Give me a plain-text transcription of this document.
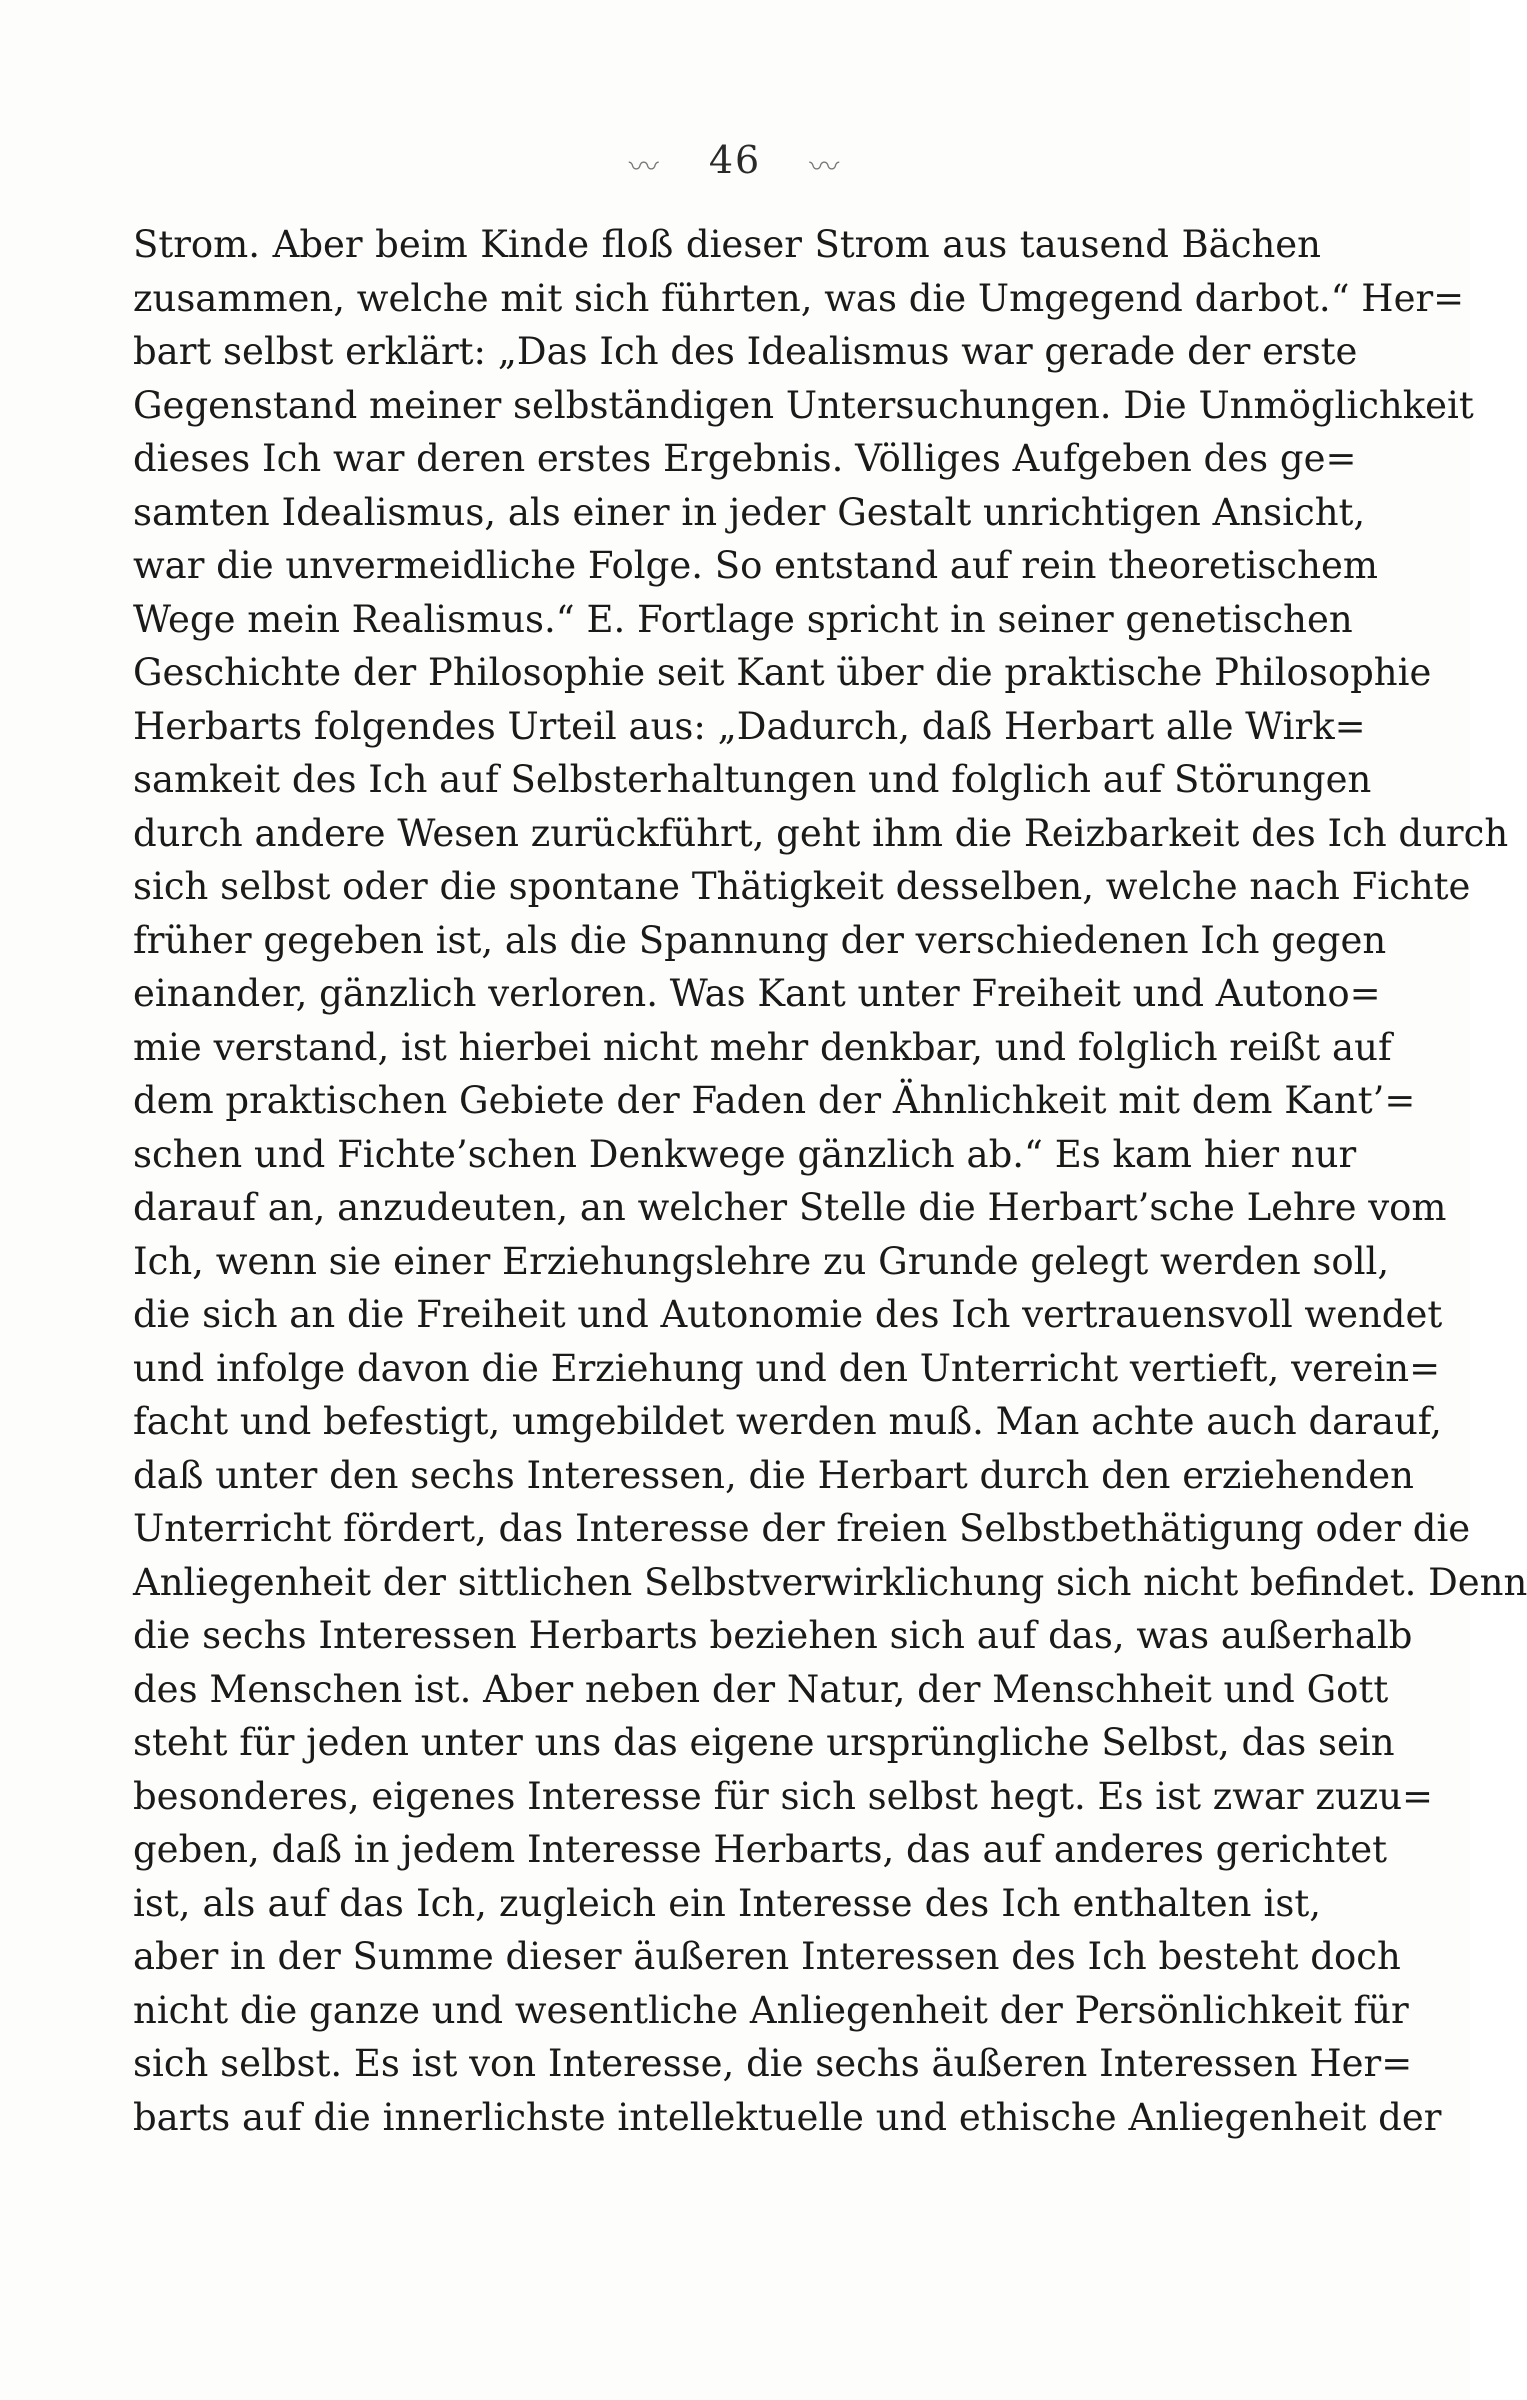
〰 46 〰
Strom. Aber beim Kinde floß dieser Strom aus tausend Bächen
zusammen, welche mit sich führten, was die Umgegend darbot.“ Her=
bart selbst erklärt: „Das Ich des Idealismus war gerade der erste
Gegenstand meiner selbständigen Untersuchungen. Die Unmöglichkeit
dieses Ich war deren erstes Ergebnis. Völliges Aufgeben des ge=
samten Idealismus, als einer in jeder Gestalt unrichtigen Ansicht,
war die unvermeidliche Folge. So entstand auf rein theoretischem
Wege mein Realismus.“ E. Fortlage spricht in seiner genetischen
Geschichte der Philosophie seit Kant über die praktische Philosophie
Herbarts folgendes Urteil aus: „Dadurch, daß Herbart alle Wirk=
samkeit des Ich auf Selbsterhaltungen und folglich auf Störungen
durch andere Wesen zurückführt, geht ihm die Reizbarkeit des Ich durch
sich selbst oder die spontane Thätigkeit desselben, welche nach Fichte
früher gegeben ist, als die Spannung der verschiedenen Ich gegen
einander, gänzlich verloren. Was Kant unter Freiheit und Autono=
mie verstand, ist hierbei nicht mehr denkbar, und folglich reißt auf
dem praktischen Gebiete der Faden der Ähnlichkeit mit dem Kant’=
schen und Fichte’schen Denkwege gänzlich ab.“ Es kam hier nur
darauf an, anzudeuten, an welcher Stelle die Herbart’sche Lehre vom
Ich, wenn sie einer Erziehungslehre zu Grunde gelegt werden soll,
die sich an die Freiheit und Autonomie des Ich vertrauensvoll wendet
und infolge davon die Erziehung und den Unterricht vertieft, verein=
facht und befestigt, umgebildet werden muß. Man achte auch darauf,
daß unter den sechs Interessen, die Herbart durch den erziehenden
Unterricht fördert, das Interesse der freien Selbstbethätigung oder die
Anliegenheit der sittlichen Selbstverwirklichung sich nicht befindet. Denn
die sechs Interessen Herbarts beziehen sich auf das, was außerhalb
des Menschen ist. Aber neben der Natur, der Menschheit und Gott
steht für jeden unter uns das eigene ursprüngliche Selbst, das sein
besonderes, eigenes Interesse für sich selbst hegt. Es ist zwar zuzu=
geben, daß in jedem Interesse Herbarts, das auf anderes gerichtet
ist, als auf das Ich, zugleich ein Interesse des Ich enthalten ist,
aber in der Summe dieser äußeren Interessen des Ich besteht doch
nicht die ganze und wesentliche Anliegenheit der Persönlichkeit für
sich selbst. Es ist von Interesse, die sechs äußeren Interessen Her=
barts auf die innerlichste intellektuelle und ethische Anliegenheit der
